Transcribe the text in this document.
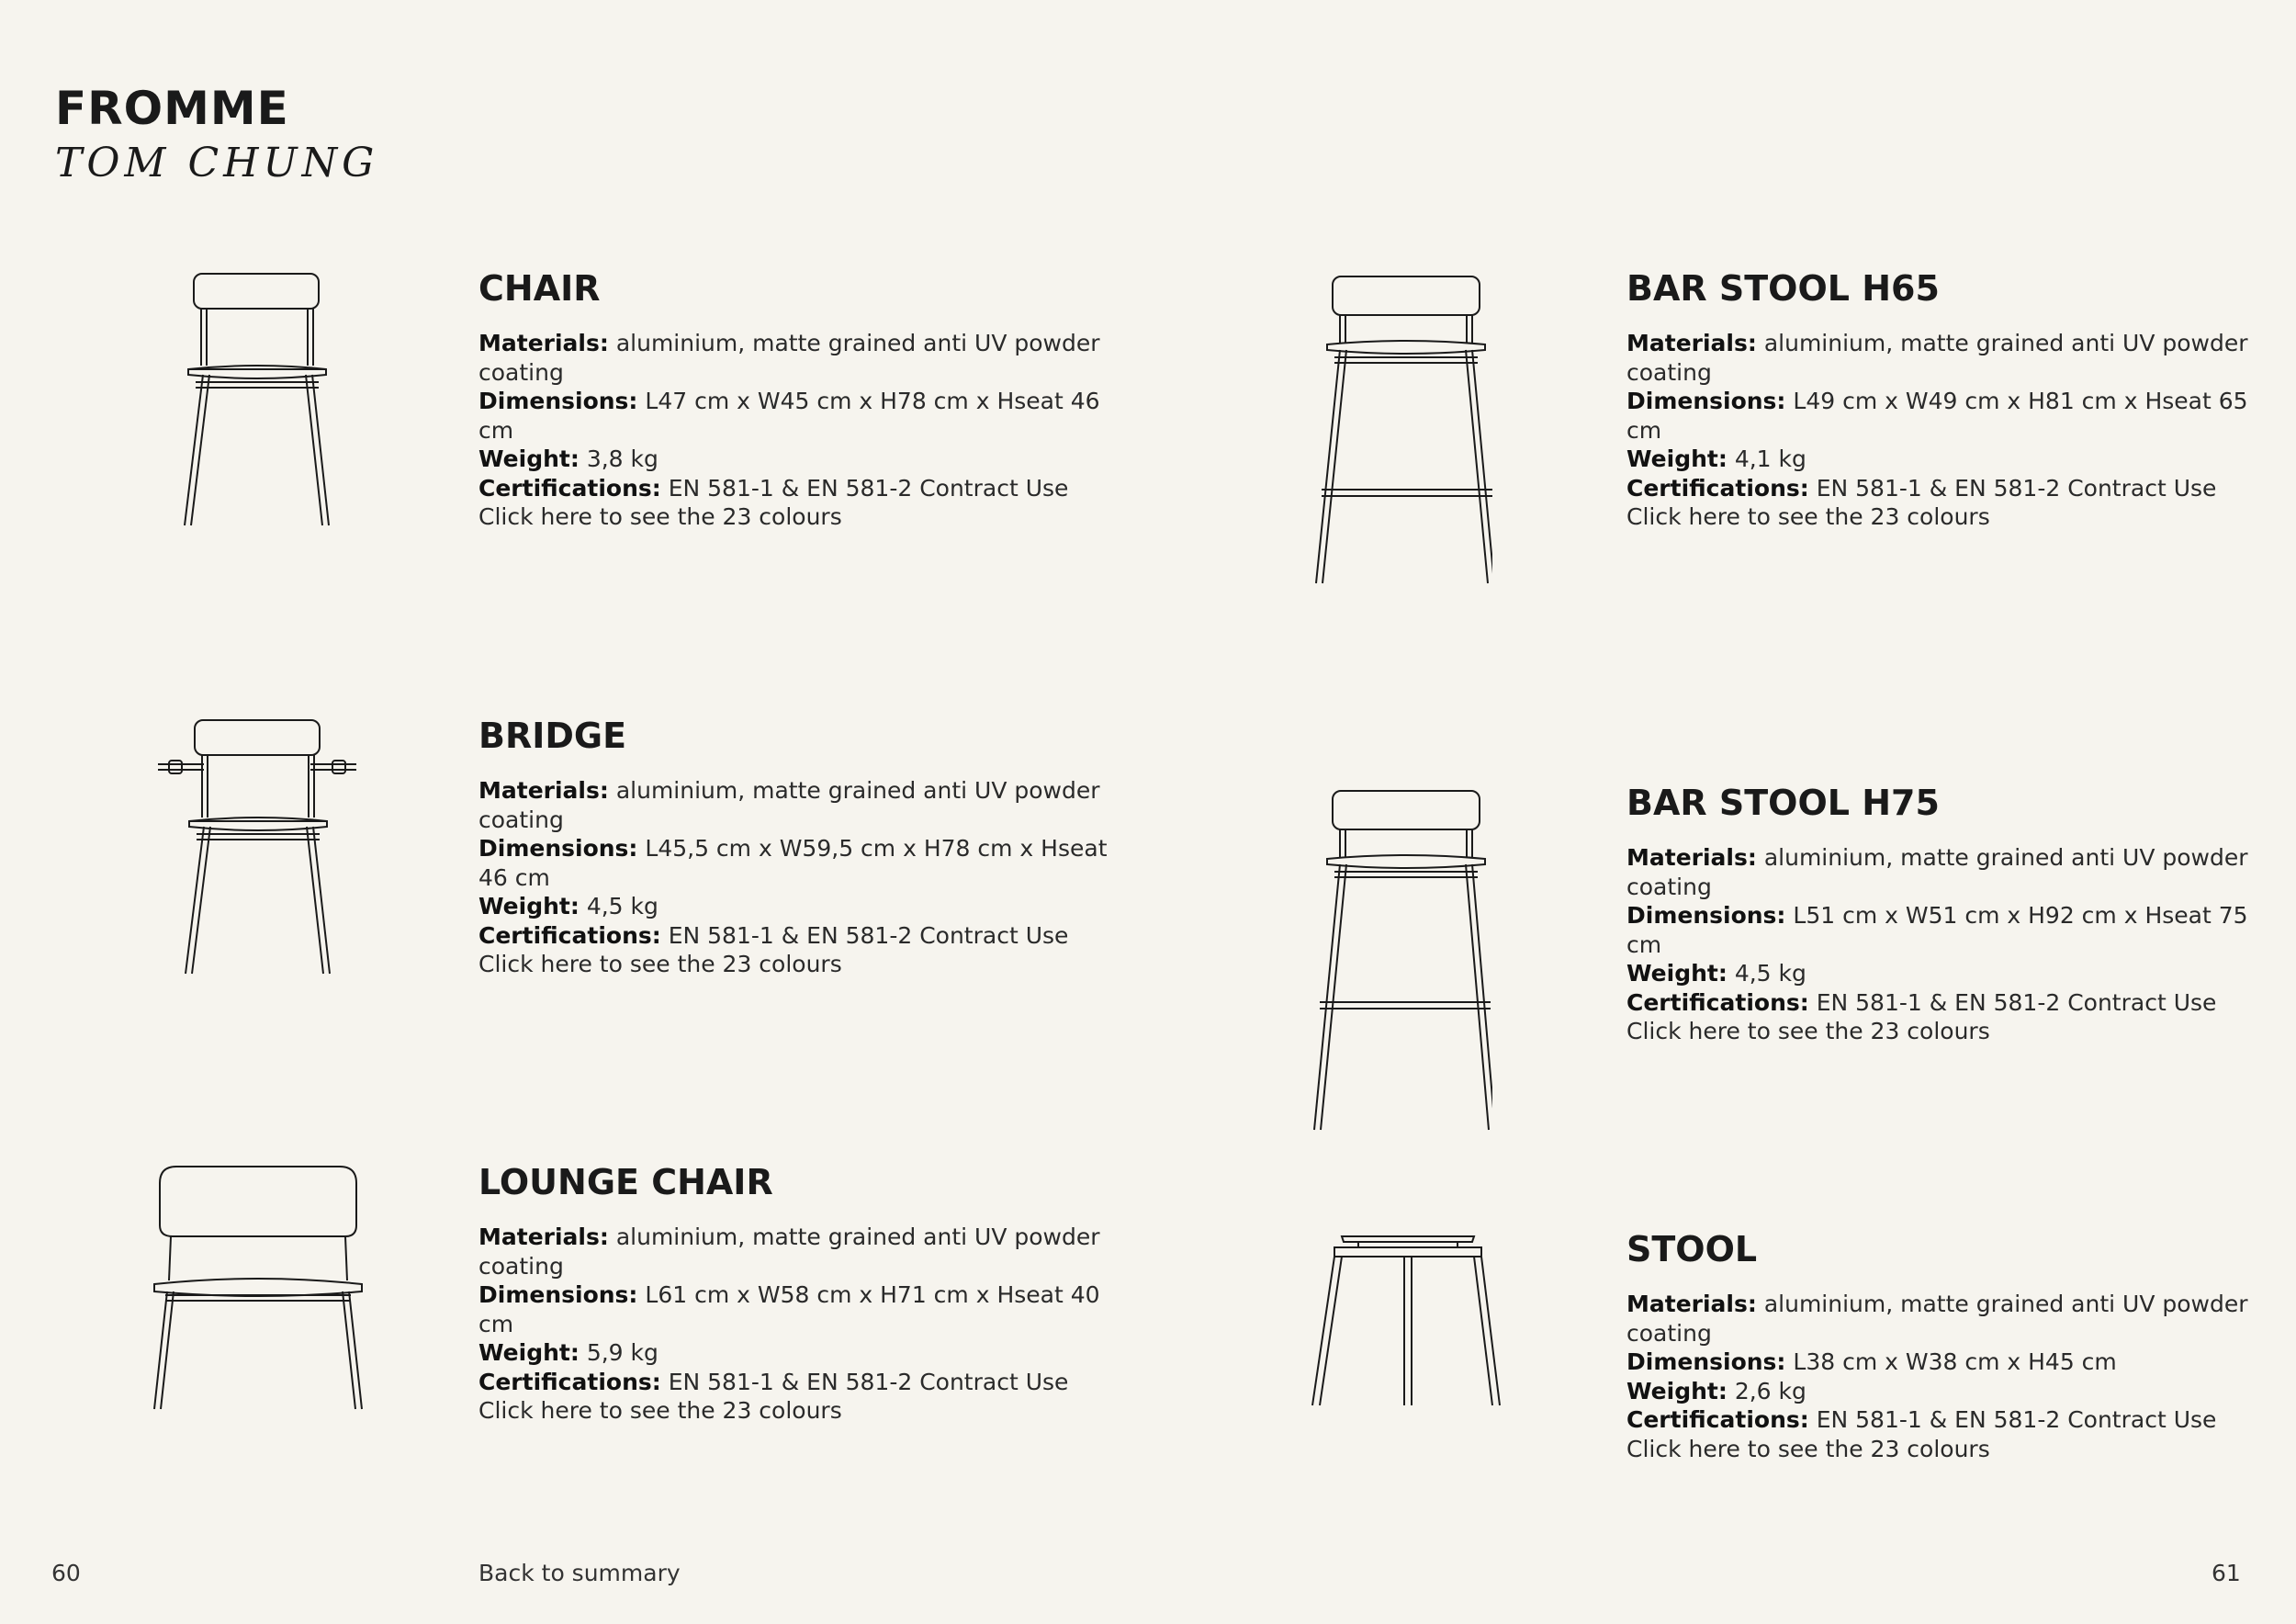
FROMME
TOM CHUNG
CHAIR
Materials: aluminium, matte grained anti UV powder coating
Dimensions: L47 cm x W45 cm x H78 cm x Hseat 46 cm
Weight: 3,8 kg
Certifications: EN 581-1 & EN 581-2 Contract Use
Click here to see the 23 colours
BRIDGE
Materials: aluminium, matte grained anti UV powder coating
Dimensions: L45,5 cm x W59,5 cm x H78 cm x Hseat 46 cm
Weight: 4,5 kg
Certifications: EN 581-1 & EN 581-2 Contract Use
Click here to see the 23 colours
LOUNGE CHAIR
Materials: aluminium, matte grained anti UV powder coating
Dimensions: L61 cm x W58 cm x H71 cm x Hseat 40 cm
Weight: 5,9 kg
Certifications: EN 581-1 & EN 581-2 Contract Use
Click here to see the 23 colours
BAR STOOL H65
Materials: aluminium, matte grained anti UV powder coating
Dimensions: L49 cm x W49 cm x H81 cm x Hseat 65 cm
Weight: 4,1 kg
Certifications: EN 581-1 & EN 581-2 Contract Use
Click here to see the 23 colours
BAR STOOL H75
Materials: aluminium, matte grained anti UV powder coating
Dimensions: L51 cm x W51 cm x H92 cm x Hseat 75 cm
Weight: 4,5 kg
Certifications: EN 581-1 & EN 581-2 Contract Use
Click here to see the 23 colours
STOOL
Materials: aluminium, matte grained anti UV powder coating
Dimensions: L38 cm x W38 cm x H45 cm
Weight: 2,6 kg
Certifications: EN 581-1 & EN 581-2 Contract Use
Click here to see the 23 colours
60	Back to summary	61
